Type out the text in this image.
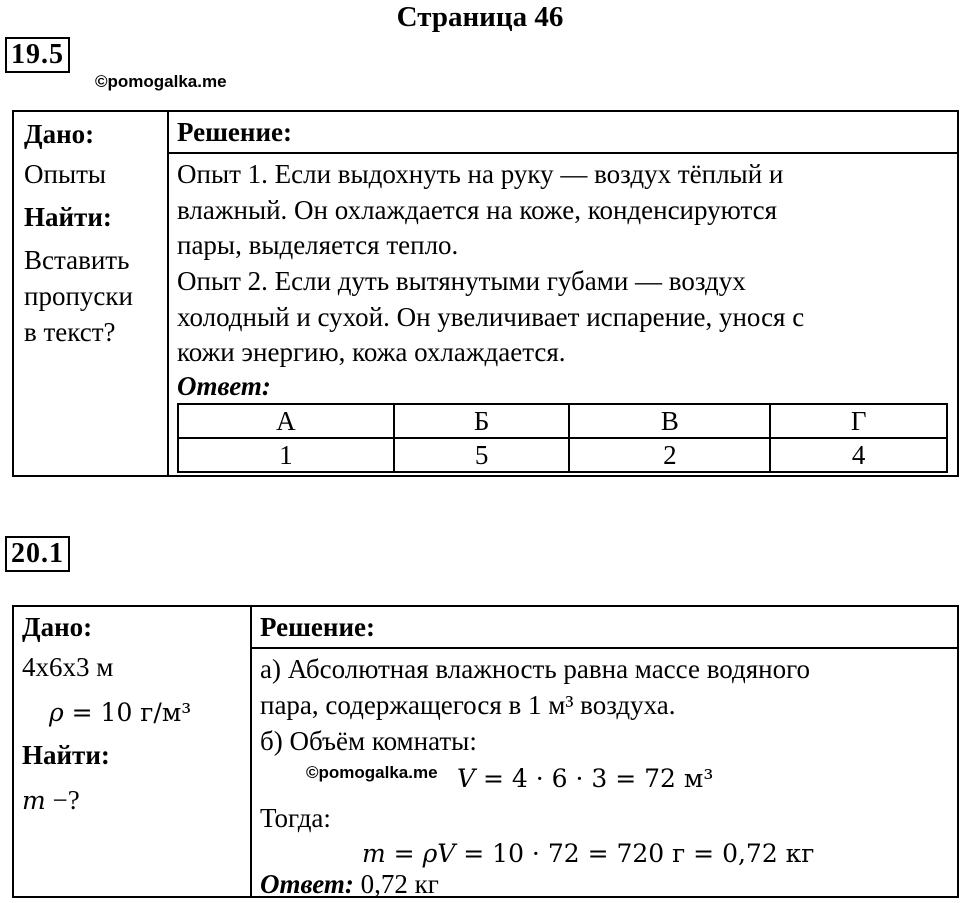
Страница 46
19.5
©pomogalka.me
Дано:
Опыты
Найти:
Вставить
пропуски
в текст?
Решение:
Опыт 1. Если выдохнуть на руку — воздух тёплый и
влажный. Он охлаждается на коже, конденсируются
пары, выделяется тепло.
Опыт 2. Если дуть вытянутыми губами — воздух
холодный и сухой. Он увеличивает испарение, унося с
кожи энергию, кожа охлаждается.
Ответ:
А	Б	В	Г
1	5	2	4
20.1
Дано:
4х6х3 м
ρ = 10 г/м³
Найти:
m −?
Решение:
а) Абсолютная влажность равна массе водяного
пара, содержащегося в 1 м³ воздуха.
б) Объём комнаты:
©pomogalka.me V = 4 · 6 · 3 = 72 м³
Тогда:
m = ρV = 10 · 72 = 720 г = 0,72 кг
Ответ: 0,72 кг
